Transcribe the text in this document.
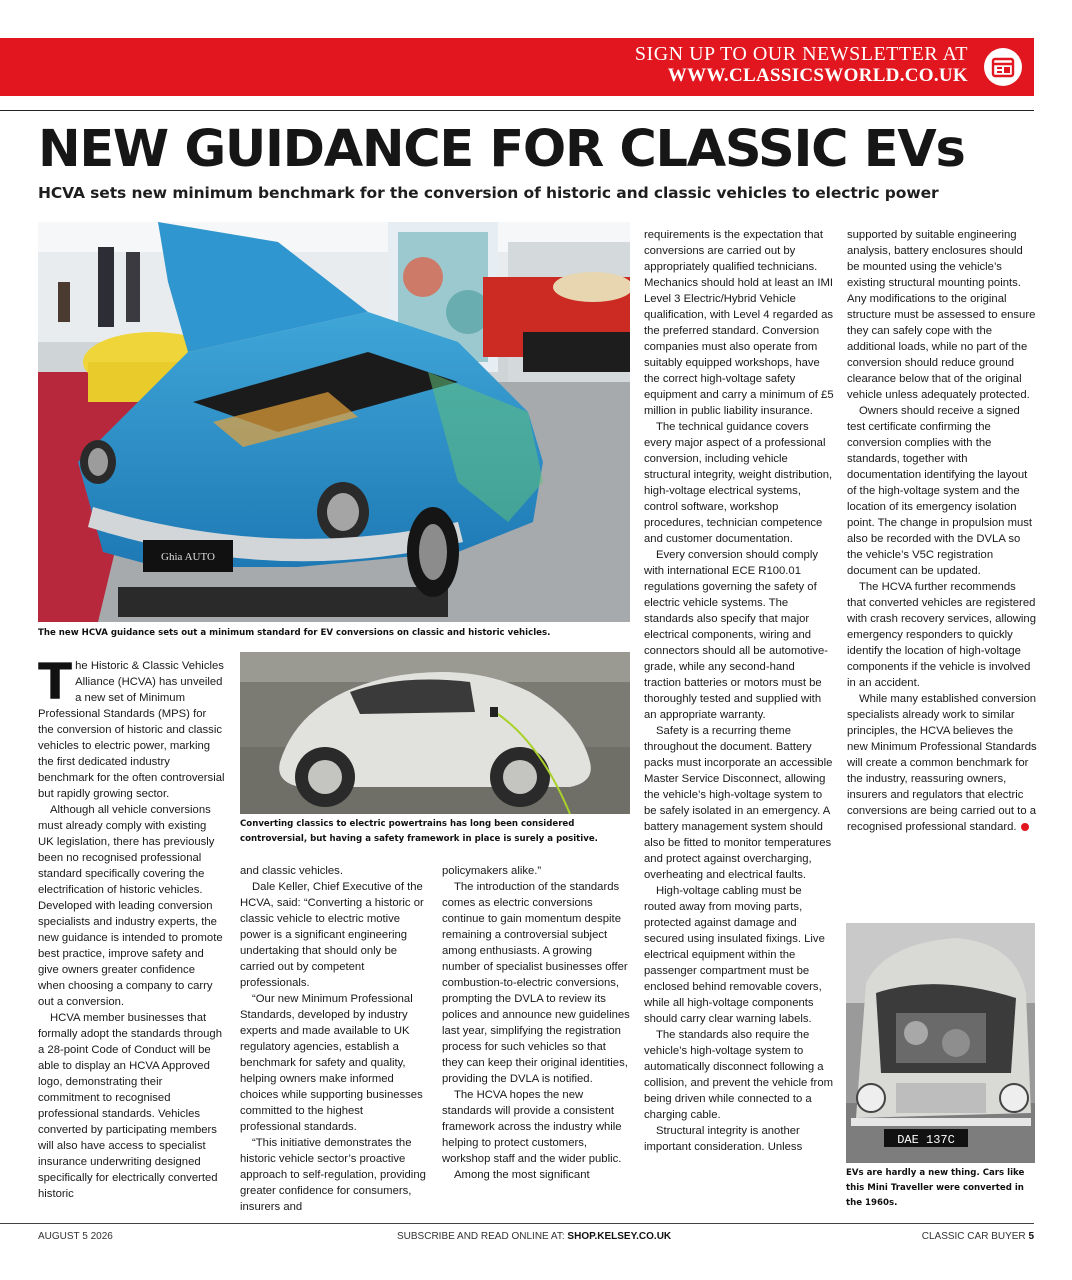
SIGN UP TO OUR NEWSLETTER AT
WWW.CLASSICSWORLD.CO.UK
NEW GUIDANCE FOR CLASSIC EVs

HCVA sets new minimum benchmark for the conversion of historic and classic vehicles to electric power

Ghia AUTO
The new HCVA guidance sets out a minimum standard for EV conversions on classic and historic vehicles.
Converting classics to electric powertrains has long been considered controversial, but having a safety framework in place is surely a positive.

The Historic & Classic Vehicles Alliance (HCVA) has unveiled a new set of Minimum Professional Standards (MPS) for the conversion of historic and classic vehicles to electric power, marking the first dedicated industry benchmark for the often controversial but rapidly growing sector.

Although all vehicle conversions must already comply with existing UK legislation, there has previously been no recognised professional standard specifically covering the electrification of historic vehicles. Developed with leading conversion specialists and industry experts, the new guidance is intended to promote best practice, improve safety and give owners greater confidence when choosing a company to carry out a conversion.

HCVA member businesses that formally adopt the standards through a 28-point Code of Conduct will be able to display an HCVA Approved logo, demonstrating their commitment to recognised professional standards. Vehicles converted by participating members will also have access to specialist insurance underwriting designed specifically for electrically converted historic

and classic vehicles.

Dale Keller, Chief Executive of the HCVA, said: “Converting a historic or classic vehicle to electric motive power is a significant engineering undertaking that should only be carried out by competent professionals.

“Our new Minimum Professional Standards, developed by industry experts and made available to UK regulatory agencies, establish a benchmark for safety and quality, helping owners make informed choices while supporting businesses committed to the highest professional standards.

“This initiative demonstrates the historic vehicle sector’s proactive approach to self-regulation, providing greater confidence for consumers, insurers and

policymakers alike.”

The introduction of the standards comes as electric conversions continue to gain momentum despite remaining a controversial subject among enthusiasts. A growing number of specialist businesses offer combustion-to-electric conversions, prompting the DVLA to review its polices and announce new guidelines last year, simplifying the registration process for such vehicles so that they can keep their original identities, providing the DVLA is notified.

The HCVA hopes the new standards will provide a consistent framework across the industry while helping to protect customers, workshop staff and the wider public.

Among the most significant

requirements is the expectation that conversions are carried out by appropriately qualified technicians. Mechanics should hold at least an IMI Level 3 Electric/Hybrid Vehicle qualification, with Level 4 regarded as the preferred standard. Conversion companies must also operate from suitably equipped workshops, have the correct high-voltage safety equipment and carry a minimum of £5 million in public liability insurance.

The technical guidance covers every major aspect of a professional conversion, including vehicle structural integrity, weight distribution, high-voltage electrical systems, control software, workshop procedures, technician competence and customer documentation.

Every conversion should comply with international ECE R100.01 regulations governing the safety of electric vehicle systems. The standards also specify that major electrical components, wiring and connectors should all be automotive-grade, while any second-hand traction batteries or motors must be thoroughly tested and supplied with an appropriate warranty.

Safety is a recurring theme throughout the document. Battery packs must incorporate an accessible Master Service Disconnect, allowing the vehicle’s high-voltage system to be safely isolated in an emergency. A battery management system should also be fitted to monitor temperatures and protect against overcharging, overheating and electrical faults.

High-voltage cabling must be routed away from moving parts, protected against damage and secured using insulated fixings. Live electrical equipment within the passenger compartment must be enclosed behind removable covers, while all high-voltage components should carry clear warning labels.

The standards also require the vehicle’s high-voltage system to automatically disconnect following a collision, and prevent the vehicle from being driven while connected to a charging cable.

Structural integrity is another important consideration. Unless

supported by suitable engineering analysis, battery enclosures should be mounted using the vehicle’s existing structural mounting points. Any modifications to the original structure must be assessed to ensure they can safely cope with the additional loads, while no part of the conversion should reduce ground clearance below that of the original vehicle unless adequately protected.

Owners should receive a signed test certificate confirming the conversion complies with the standards, together with documentation identifying the layout of the high-voltage system and the location of its emergency isolation point. The change in propulsion must also be recorded with the DVLA so the vehicle’s V5C registration document can be updated.

The HCVA further recommends that converted vehicles are registered with crash recovery services, allowing emergency responders to quickly identify the location of high-voltage components if the vehicle is involved in an accident.

While many established conversion specialists already work to similar principles, the HCVA believes the new Minimum Professional Standards will create a common benchmark for the industry, reassuring owners, insurers and regulators that electric conversions are being carried out to a recognised professional standard.

DAE 137C
EVs are hardly a new thing. Cars like this Mini Traveller were converted in the 1960s.
AUGUST 5 2026	SUBSCRIBE AND READ ONLINE AT: SHOP.KELSEY.CO.UK	CLASSIC CAR BUYER 5
